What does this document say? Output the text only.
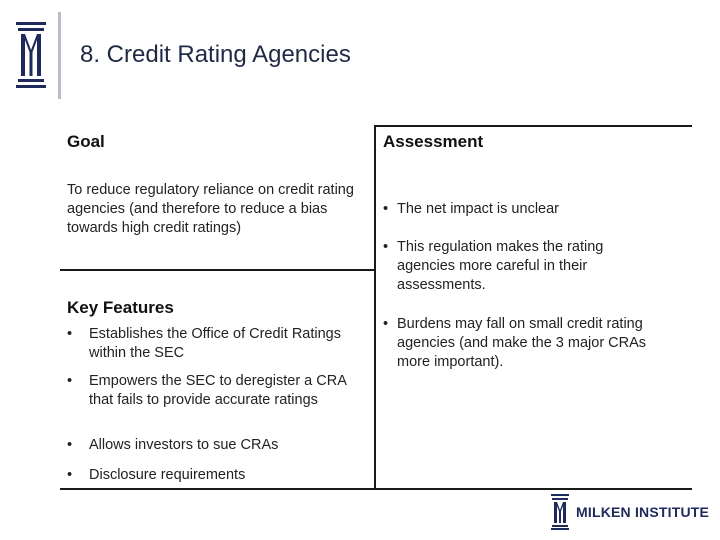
8. Credit Rating Agencies
Goal
To reduce regulatory reliance on credit rating agencies (and therefore to reduce a bias towards high credit ratings)
Key Features
•	Establishes the Office of Credit Ratings within the SEC
•	Empowers the SEC to deregister a CRA that fails to provide accurate ratings
•	Allows investors to sue CRAs
•	Disclosure requirements
Assessment
• The net impact is unclear
• This regulation makes the rating agencies more careful in their assessments.
• Burdens may fall on small credit rating agencies (and make the 3 major CRAs more important).
MILKEN INSTITUTE
